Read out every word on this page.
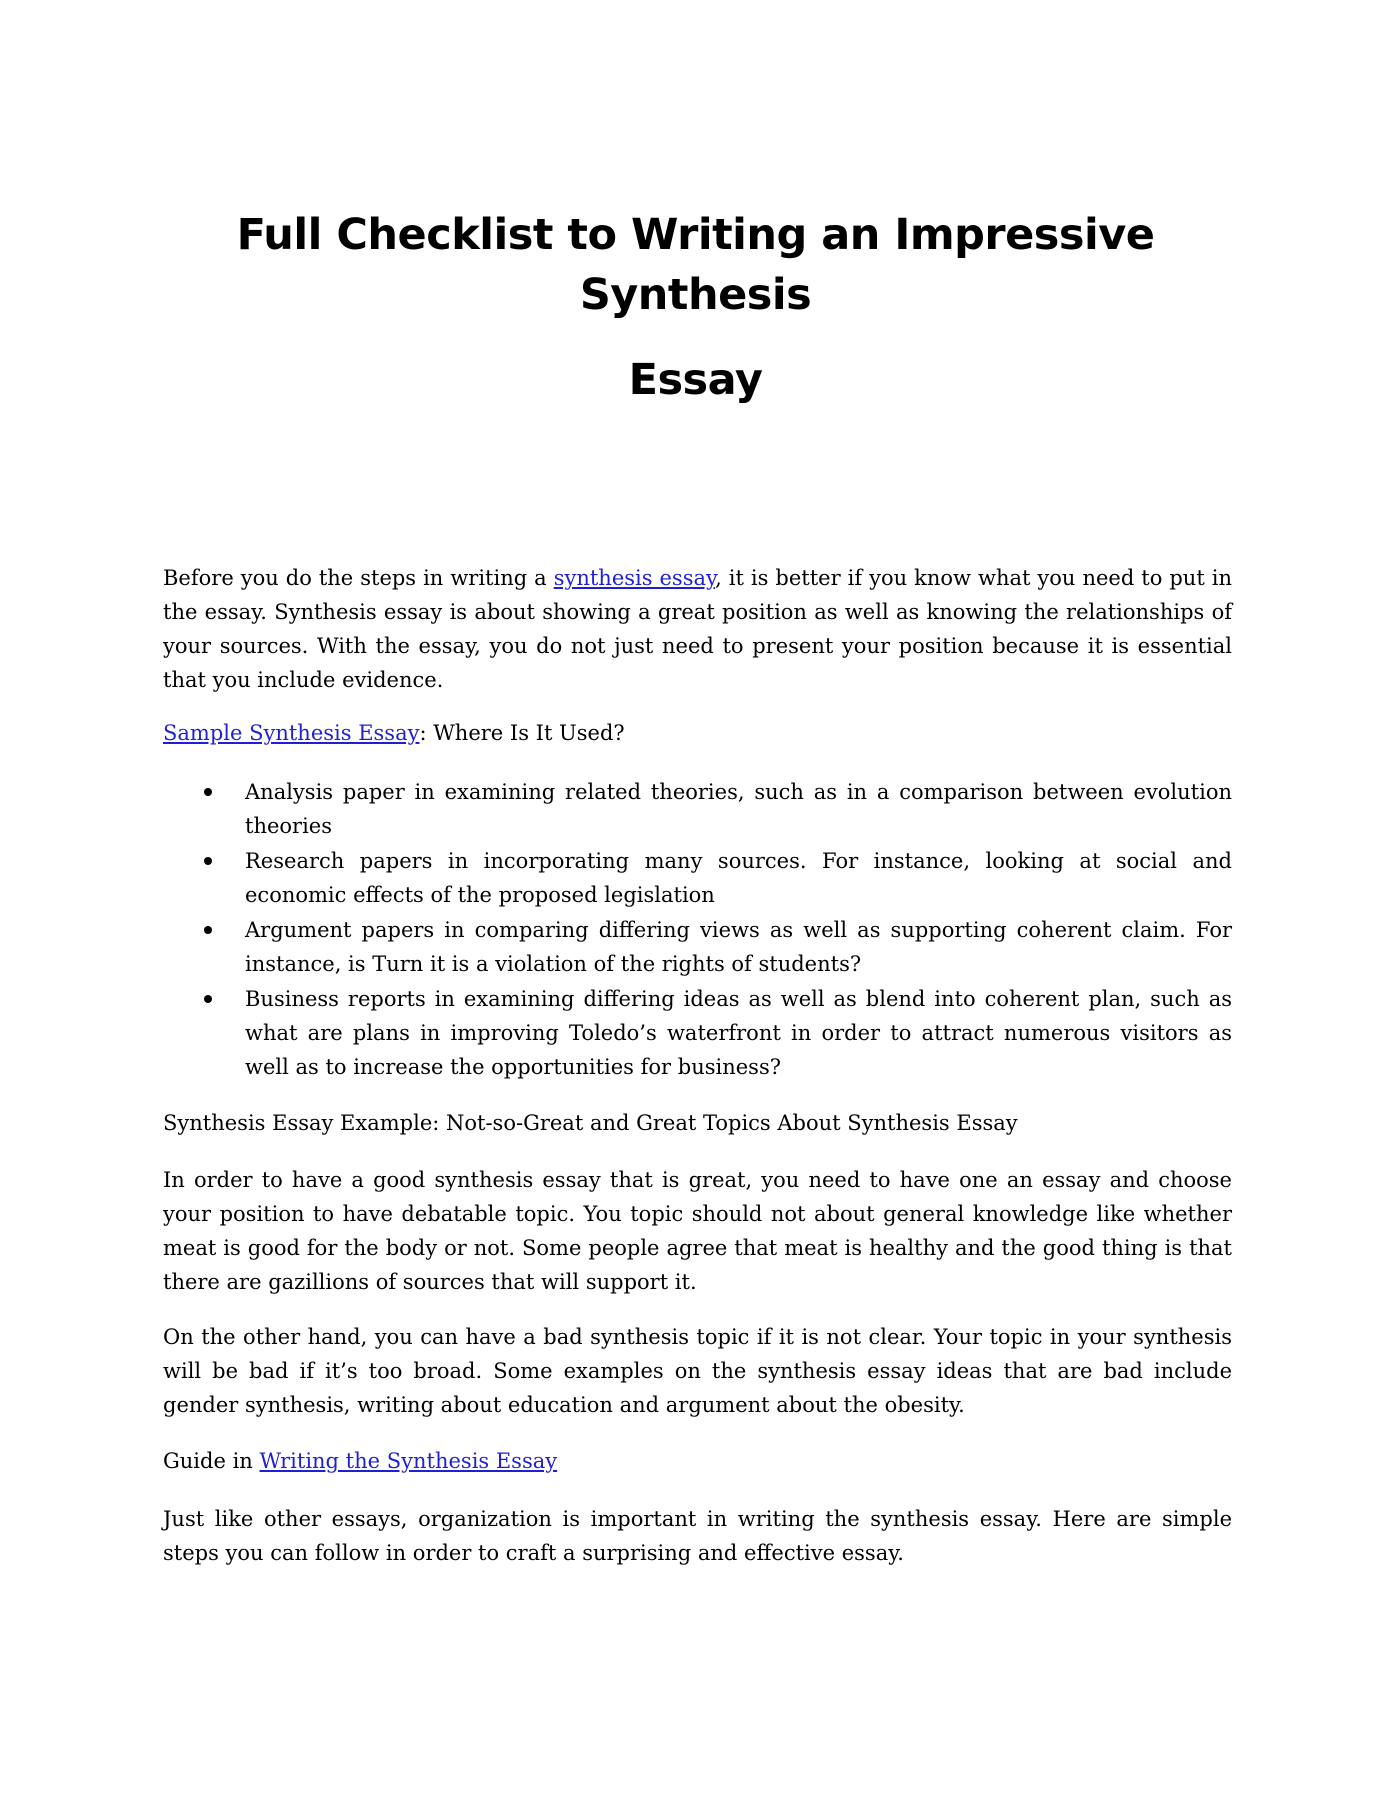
Full Checklist to Writing an Impressive Synthesis
Essay

Before you do the steps in writing a synthesis essay, it is better if you know what you need to put in the essay. Synthesis essay is about showing a great position as well as knowing the relationships of your sources. With the essay, you do not just need to present your position because it is essential that you include evidence.

Sample Synthesis Essay: Where Is It Used?

Analysis paper in examining related theories, such as in a comparison between evolution theories
Research papers in incorporating many sources. For instance, looking at social and economic effects of the proposed legislation
Argument papers in comparing differing views as well as supporting coherent claim. For instance, is Turn it is a violation of the rights of students?
Business reports in examining differing ideas as well as blend into coherent plan, such as what are plans in improving Toledo’s waterfront in order to attract numerous visitors as well as to increase the opportunities for business?

Synthesis Essay Example: Not-so-Great and Great Topics About Synthesis Essay

In order to have a good synthesis essay that is great, you need to have one an essay and choose your position to have debatable topic. You topic should not about general knowledge like whether meat is good for the body or not. Some people agree that meat is healthy and the good thing is that there are gazillions of sources that will support it.

On the other hand, you can have a bad synthesis topic if it is not clear. Your topic in your synthesis will be bad if it’s too broad. Some examples on the synthesis essay ideas that are bad include gender synthesis, writing about education and argument about the obesity.

Guide in Writing the Synthesis Essay

Just like other essays, organization is important in writing the synthesis essay. Here are simple steps you can follow in order to craft a surprising and effective essay.
